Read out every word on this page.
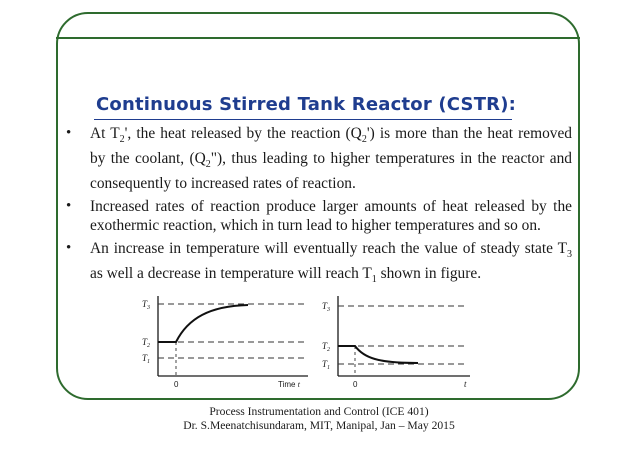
Continuous Stirred Tank Reactor (CSTR):
• At $T_2'$, the heat released by the reaction $(Q_2')$ is more than the heat removed by the coolant, $(Q_2")$, thus leading to higher temperatures in the reactor and consequently to increased rates of reaction.
• Increased rates of reaction produce larger amounts of heat released by the exothermic reaction, which in turn lead to higher temperatures and so on.
• An increase in temperature will eventually reach the value of steady state $T_3$ as well a decrease in temperature will reach $T_1$ shown in figure.
$T_3$
$T_2$
$T_1$
0	Time t
$T_3$
$T_2$
$T_1$
0	t
Process Instrumentation and Control (ICE 401)
Dr. S.Meenatchisundaram, MIT, Manipal, Jan – May 2015
